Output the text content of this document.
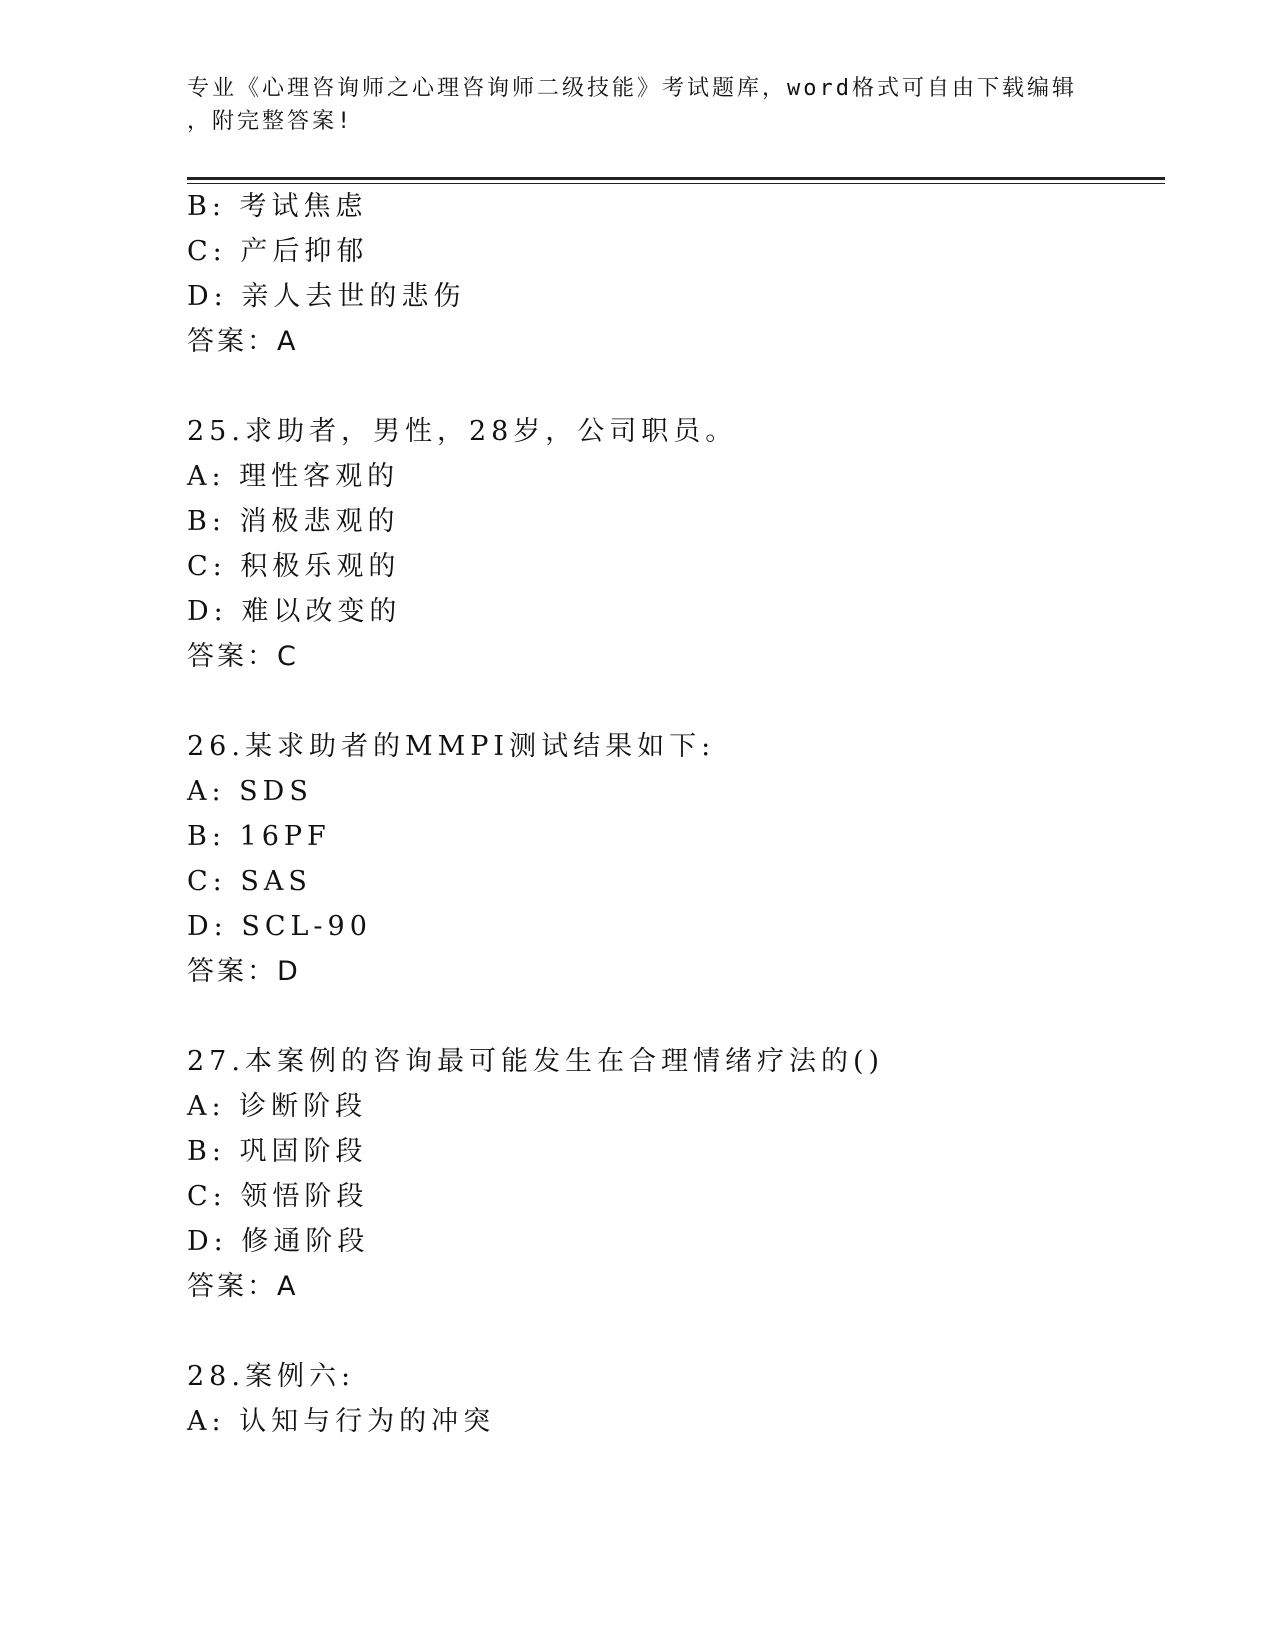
专业《心理咨询师之心理咨询师二级技能》考试题库，word格式可自由下载编辑
，附完整答案!
B: 考试焦虑
C: 产后抑郁
D: 亲人去世的悲伤
答案：A
25.求助者，男性，28岁，公司职员。
A: 理性客观的
B: 消极悲观的
C: 积极乐观的
D: 难以改变的
答案：C
26.某求助者的MMPI测试结果如下:
A: SDS
B: 16PF
C: SAS
D: SCL-90
答案：D
27.本案例的咨询最可能发生在合理情绪疗法的()
A: 诊断阶段
B: 巩固阶段
C: 领悟阶段
D: 修通阶段
答案：A
28.案例六:
A: 认知与行为的冲突
